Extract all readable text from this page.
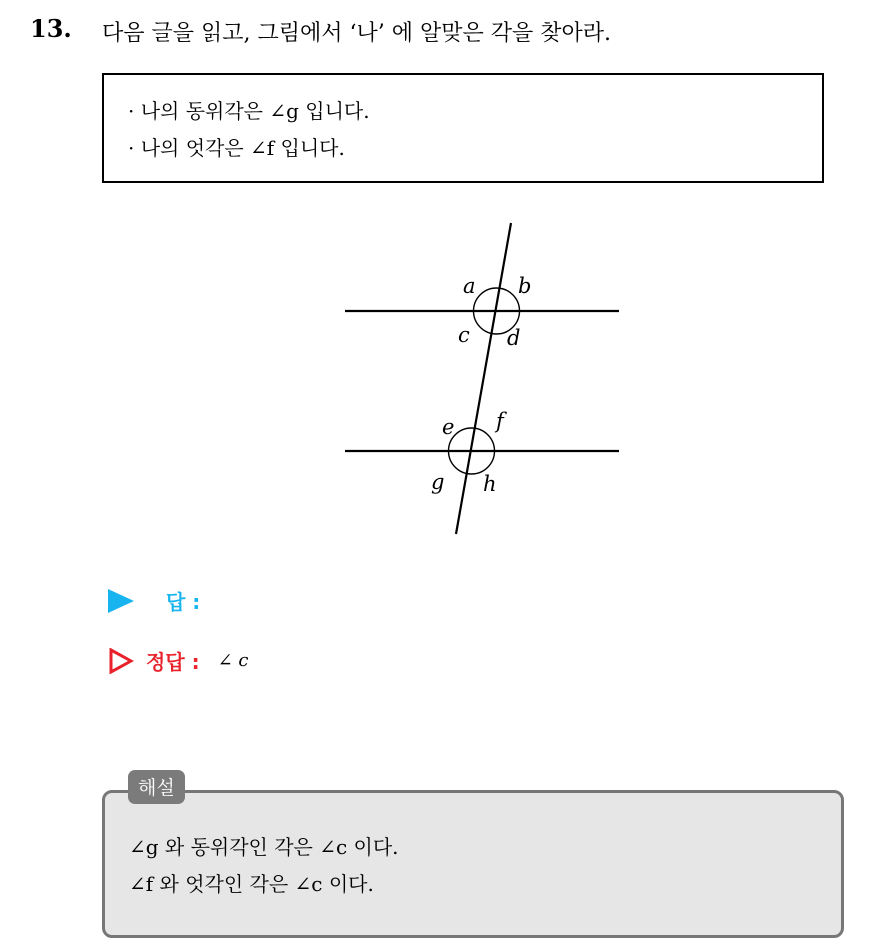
13. 다음 글을 읽고, 그림에서 ‘나’ 에 알맞은 각을 찾아라.
· 나의 동위각은 ∠g 입니다.
· 나의 엇각은 ∠f 입니다.
a b
c d
e f
g h
답 :
정답 : ∠ c
∠g 와 동위각인 각은 ∠c 이다.
∠f 와 엇각인 각은 ∠c 이다.
해설
